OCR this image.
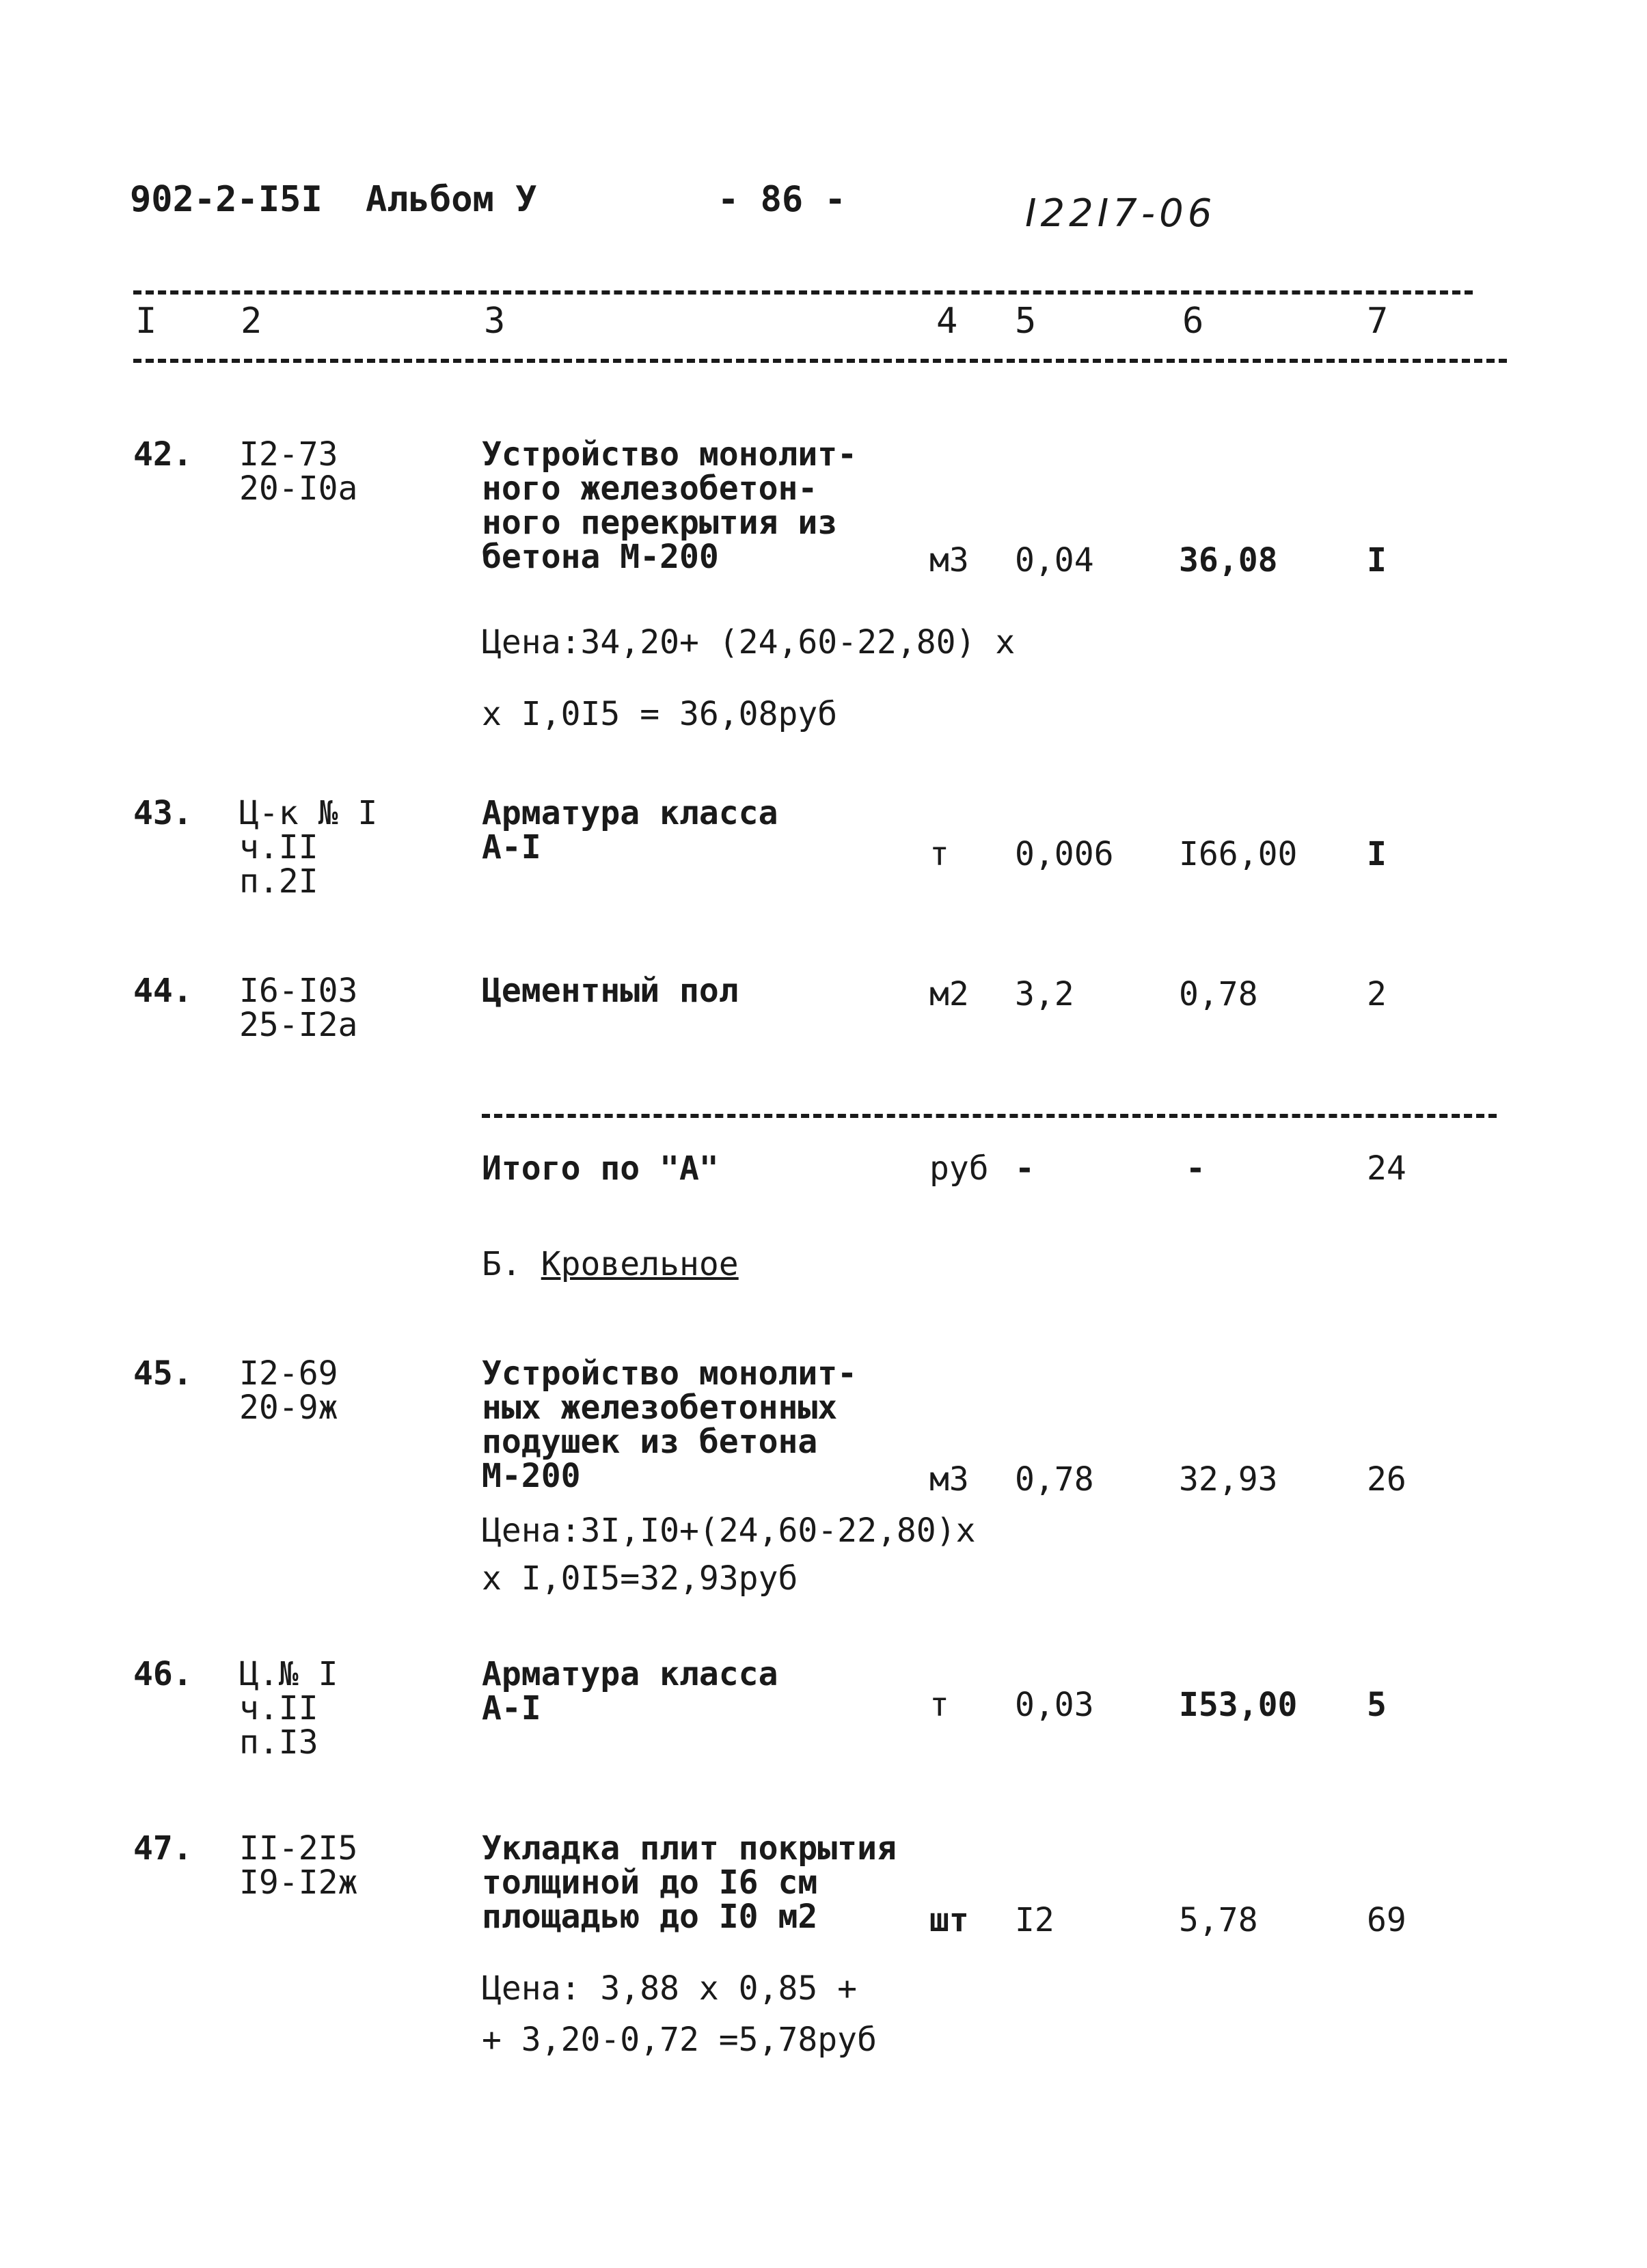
902-2-I5I Альбом У	- 86 -	I22I7-06
I 2	3	4 5	6	7
42. I2-73
20-I0a
Устройство монолит-
ного железобетон-
ного перекрытия из
бетона М-200	м3 0,04	36,08	I
Цена:34,20+ (24,60-22,80) х
х I,0I5 = 36,08руб
43. Ц-к № I
ч.II
п.2I
Арматура класса
А-I	т 0,006 I66,00 I
44. I6-I03
25-I2а
Цементный пол	м2 3,2	0,78	2
Итого по "А"	руб -	-	24
Б. Кровельное
45. I2-69
20-9ж
Устройство монолит-
ных железобетонных
подушек из бетона
М-200	м3 0,78	32,93	26
Цена:3I,I0+(24,60-22,80)х
х I,0I5=32,93руб
46. Ц.№ I
ч.II
п.I3
Арматура класса
А-I	т 0,03	I53,00 5
47. II-2I5
I9-I2ж
Укладка плит покрытия
толщиной до I6 см
площадью до I0 м2	шт I2	5,78	69
Цена: 3,88 х 0,85 +
+ 3,20-0,72 =5,78руб
